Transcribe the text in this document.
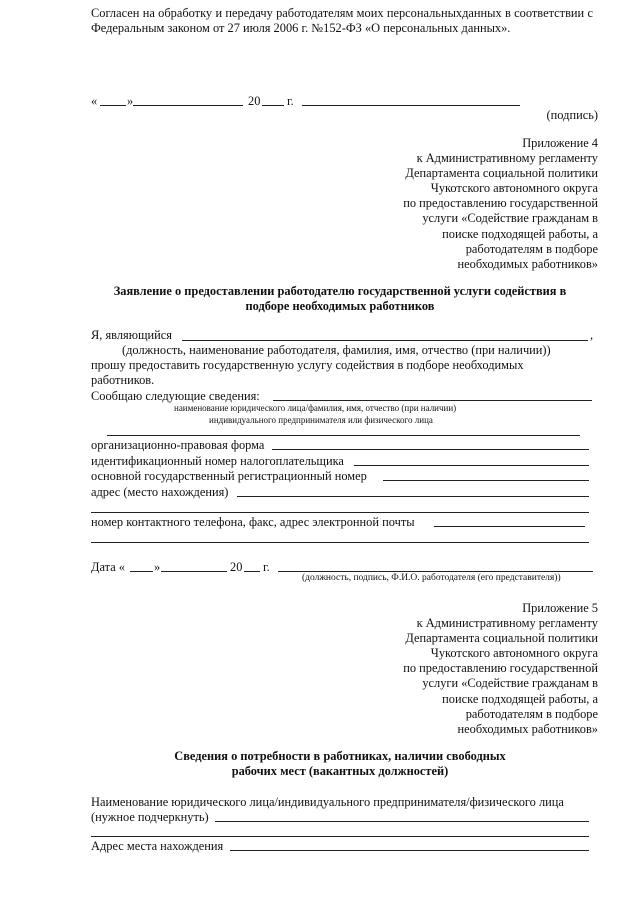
Согласен на обработку и передачу работодателям моих персональныхданных в соответствии с Федеральным законом от 27 июля 2006 г. №152-ФЗ «О персональных данных».
« »	20 г.
(подпись)
Приложение 4
к Административному регламенту
Департамента социальной политики
Чукотского автономного округа
по предоставлению государственной
услуги «Содействие гражданам в
поиске подходящей работы, а
работодателям в подборе
необходимых работников»
Заявление о предоставлении работодателю государственной услуги содействия в
подборе необходимых работников
Я, являющийся	,
(должность, наименование работодателя, фамилия, имя, отчество (при наличии))
прошу предоставить государственную услугу содействия в подборе необходимых
работников.
Сообщаю следующие сведения:
наименование юридического лица/фамилия, имя, отчество (при наличии)
индивидуального предпринимателя или физического лица
организационно-правовая форма
идентификационный номер налогоплательщика
основной государственный регистрационный номер
адрес (место нахождения)
номер контактного телефона, факс, адрес электронной почты
Дата « »	20 г.
(должность, подпись, Ф.И.О. работодателя (его представителя))
Приложение 5
к Административному регламенту
Департамента социальной политики
Чукотского автономного округа
по предоставлению государственной
услуги «Содействие гражданам в
поиске подходящей работы, а
работодателям в подборе
необходимых работников»
Сведения о потребности в работниках, наличии свободных
рабочих мест (вакантных должностей)
Наименование юридического лица/индивидуального предпринимателя/физического лица
(нужное подчеркнуть)
Адрес места нахождения
